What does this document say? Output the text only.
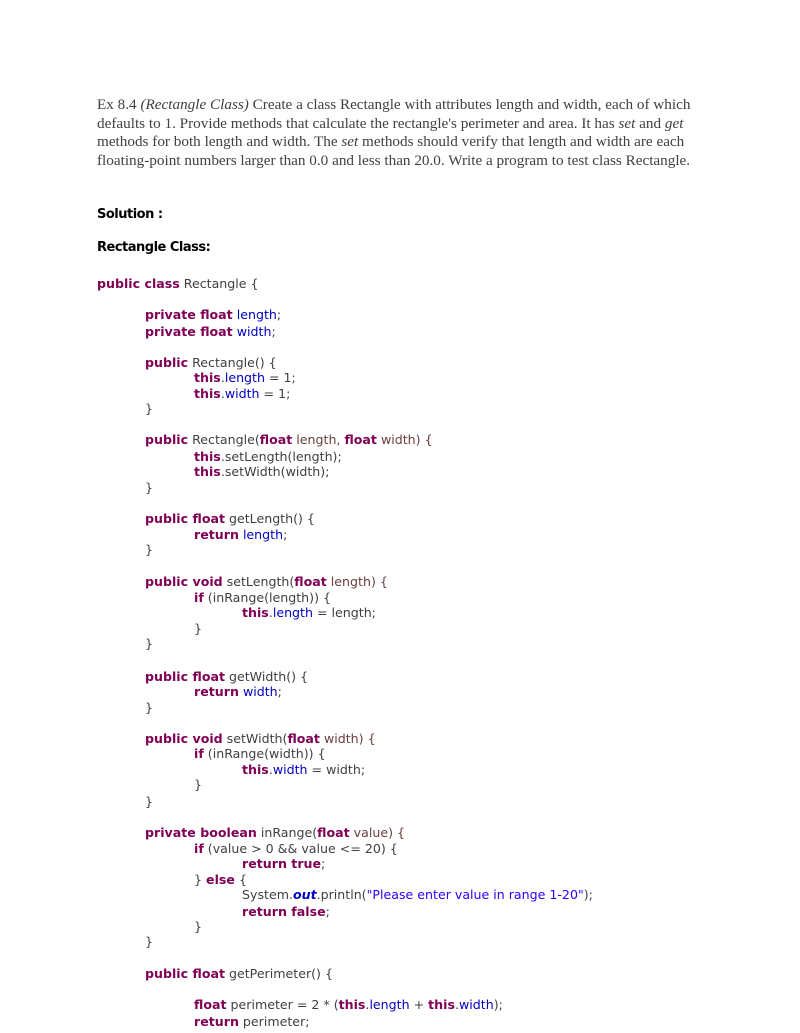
Ex 8.4 (Rectangle Class) Create a class Rectangle with attributes length and width, each of which defaults to 1. Provide methods that calculate the rectangle's perimeter and area. It has set and get methods for both length and width. The set methods should verify that length and width are each floating-point numbers larger than 0.0 and less than 20.0. Write a program to test class Rectangle.

Solution :

Rectangle Class:

public class Rectangle {
private float length;
private float width;
public Rectangle() {
this.length = 1;
this.width = 1;
}
public Rectangle(float length, float width) {
this.setLength(length);
this.setWidth(width);
}
public float getLength() {
return length;
}
public void setLength(float length) {
if (inRange(length)) {
this.length = length;
}
}
public float getWidth() {
return width;
}
public void setWidth(float width) {
if (inRange(width)) {
this.width = width;
}
}
private boolean inRange(float value) {
if (value > 0 && value <= 20) {
return true;
} else {
System.out.println("Please enter value in range 1-20");
return false;
}
}
public float getPerimeter() {
float perimeter = 2 * (this.length + this.width);
return perimeter;
